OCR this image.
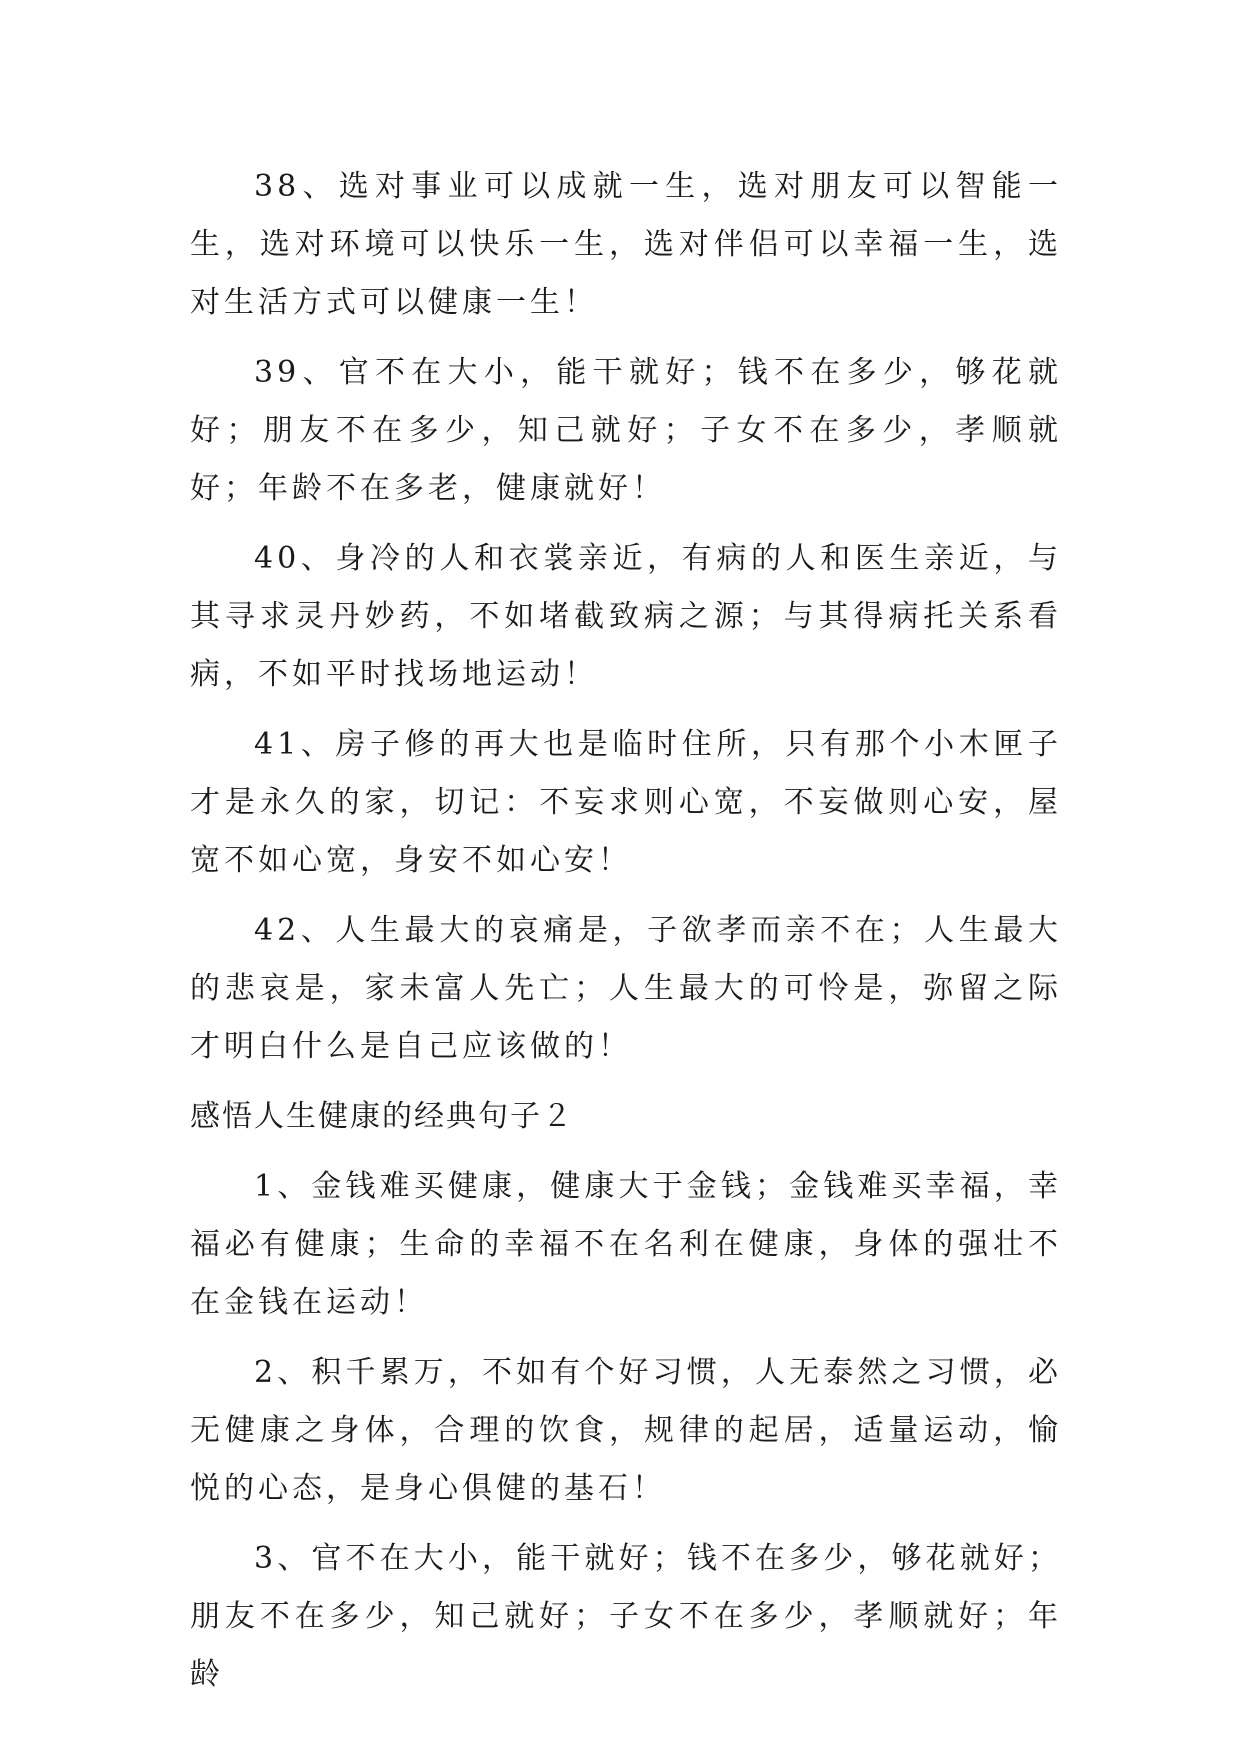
38、选对事业可以成就一生，选对朋友可以智能一生，选对环境可以快乐一生，选对伴侣可以幸福一生，选对生活方式可以健康一生！

39、官不在大小，能干就好；钱不在多少，够花就好；朋友不在多少，知己就好；子女不在多少，孝顺就好；年龄不在多老，健康就好！

40、身冷的人和衣裳亲近，有病的人和医生亲近，与其寻求灵丹妙药，不如堵截致病之源；与其得病托关系看病，不如平时找场地运动！

41、房子修的再大也是临时住所，只有那个小木匣子才是永久的家，切记：不妄求则心宽，不妄做则心安，屋宽不如心宽，身安不如心安！

42、人生最大的哀痛是，子欲孝而亲不在；人生最大的悲哀是，家未富人先亡；人生最大的可怜是，弥留之际才明白什么是自己应该做的！

感悟人生健康的经典句子２

1、金钱难买健康，健康大于金钱；金钱难买幸福，幸福必有健康；生命的幸福不在名利在健康，身体的强壮不在金钱在运动！

2、积千累万，不如有个好习惯，人无泰然之习惯，必无健康之身体，合理的饮食，规律的起居，适量运动，愉悦的心态，是身心俱健的基石！

3、官不在大小，能干就好；钱不在多少，够花就好；朋友不在多少，知己就好；子女不在多少，孝顺就好；年龄
